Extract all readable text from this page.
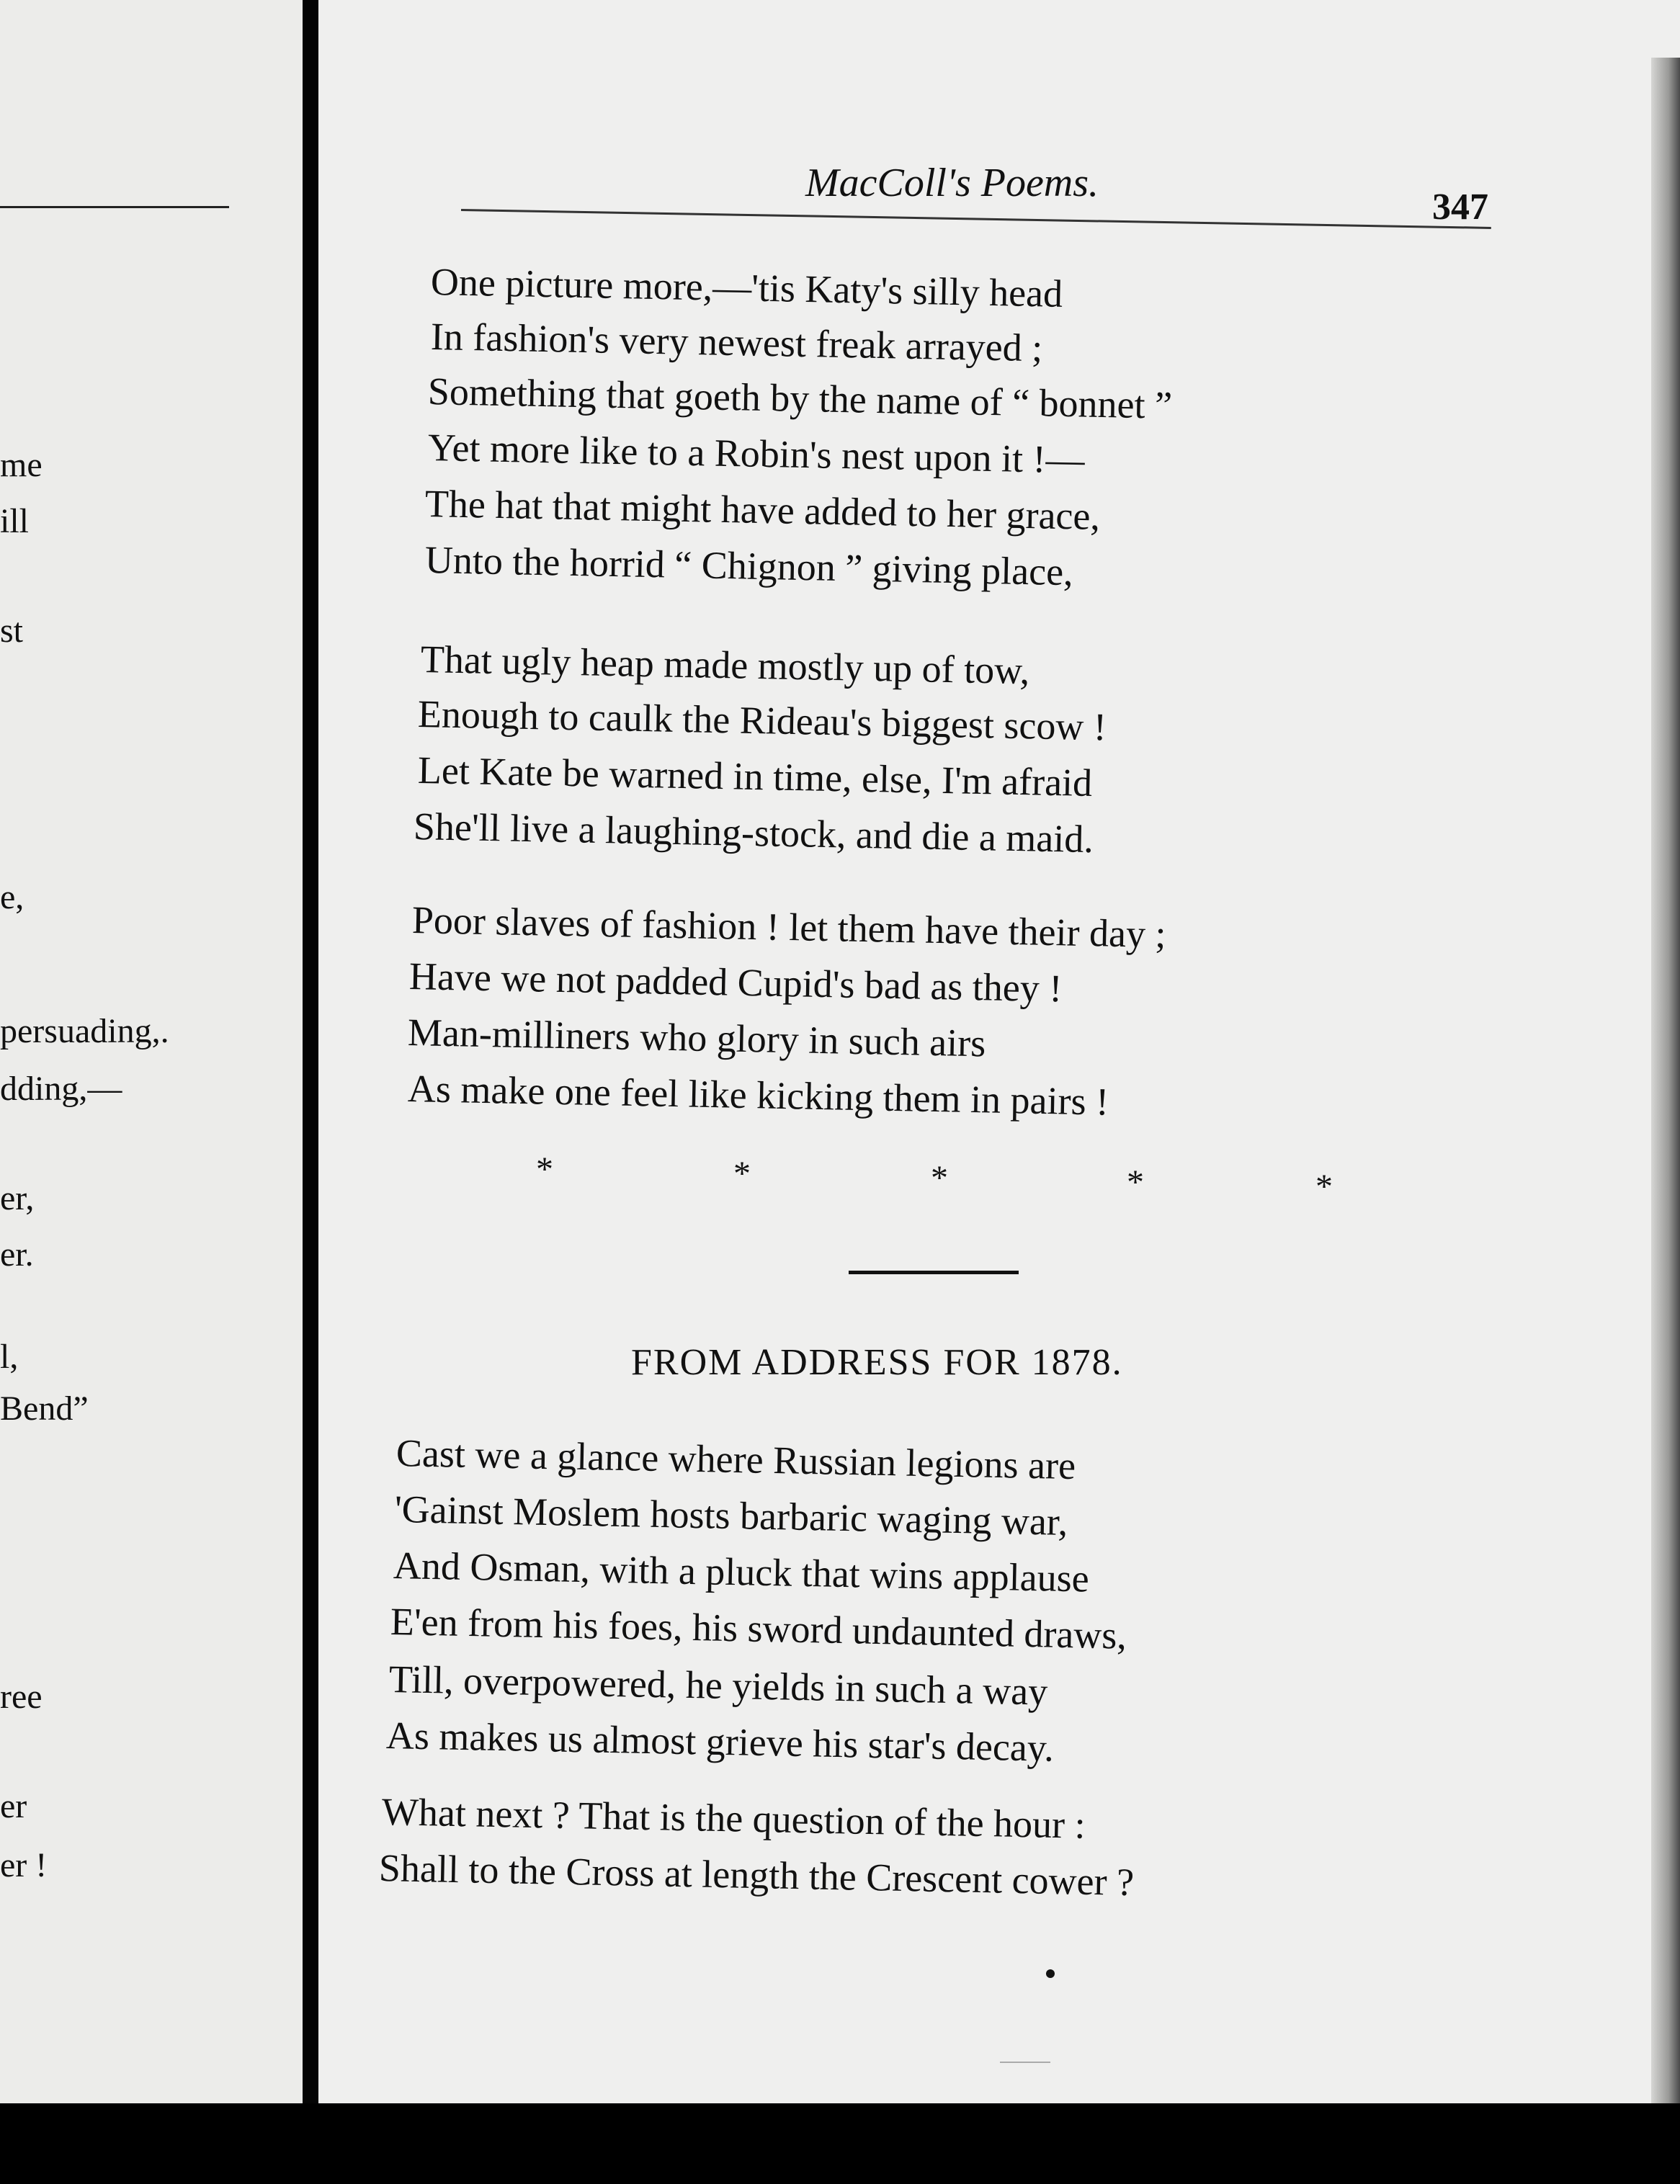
me
ill
st
e,
persuading,.
dding,—
er,
er.
l,
Bend”
ree
er
er !
MacColl's Poems.
347
One picture more,—'tis Katy's silly head
In fashion's very newest freak arrayed ;
Something that goeth by the name of “ bonnet ”
Yet more like to a Robin's nest upon it !—
The hat that might have added to her grace,
Unto the horrid “ Chignon ” giving place,
That ugly heap made mostly up of tow,
Enough to caulk the Rideau's biggest scow !
Let Kate be warned in time, else, I'm afraid
She'll live a laughing-stock, and die a maid.
Poor slaves of fashion ! let them have their day ;
Have we not padded Cupid's bad as they !
Man-milliners who glory in such airs
As make one feel like kicking them in pairs !
*	*	*	*	*
FROM ADDRESS FOR 1878.
Cast we a glance where Russian legions are
'Gainst Moslem hosts barbaric waging war,
And Osman, with a pluck that wins applause
E'en from his foes, his sword undaunted draws,
Till, overpowered, he yields in such a way
As makes us almost grieve his star's decay.
What next ? That is the question of the hour :
Shall to the Cross at length the Crescent cower ?
